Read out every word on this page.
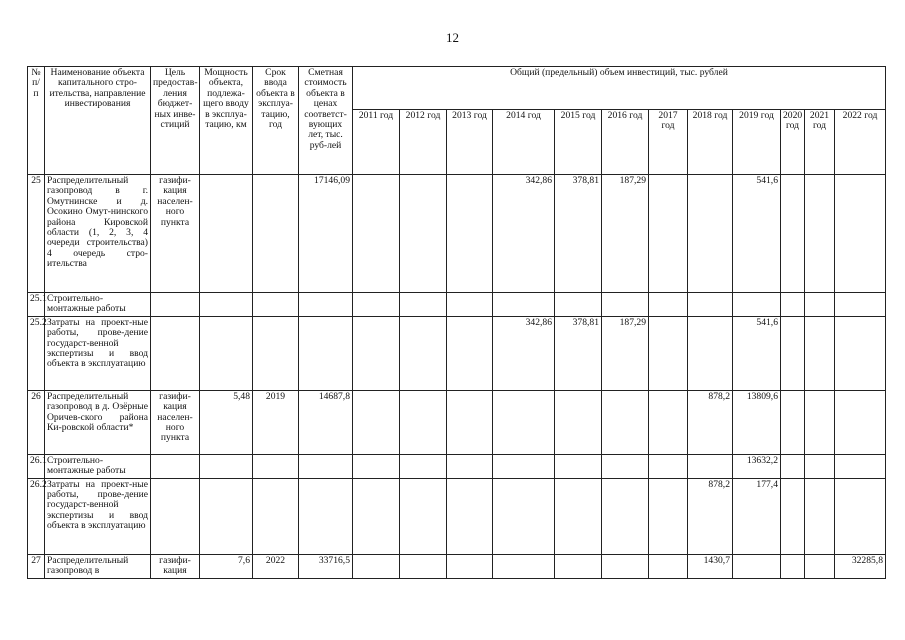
12
№ п/п	Наименование объекта капитального стро-ительства, направление инвестирования	Цель предостав-ления бюджет-ных инве-стиций	Мощность объекта, подлежа-щего вводу в эксплуа-тацию, км	Срок ввода объекта в эксплуа-тацию, год	Сметная стоимость объекта в ценах соответст-вующих лет, тыс. руб-лей	Общий (предельный) объем инвестиций, тыс. рублей											
						2011 год	2012 год	2013 год	2014 год	2015 год	2016 год	2017 год	2018 год	2019 год	2020 год	2021 год	2022 год
25	Распределительный газопровод в г. Омутнинске и д. Осокино Омут-нинского района Кировской области (1, 2, 3, 4 очереди строительства) 4 очередь стро-ительства	газифи-кация населен-ного пункта			17146,09				342,86	378,81	187,29			541,6			
25.1	Строительно-монтажные работы																
25.2	Затраты на проект-ные работы, прове-дение государст-венной экспертизы и ввод объекта в эксплуатацию								342,86	378,81	187,29			541,6			
26	Распределительный газопровод в д. Озёрные Оричев-ского района Ки-ровской области*	газифи-кация населен-ного пункта	5,48	2019	14687,8								878,2	13809,6			
26.1	Строительно-монтажные работы													13632,2			
26.2	Затраты на проект-ные работы, прове-дение государст-венной экспертизы и ввод объекта в эксплуатацию												878,2	177,4			
27	Распределительный газопровод в	газифи-кация	7,6	2022	33716,5								1430,7				32285,8
